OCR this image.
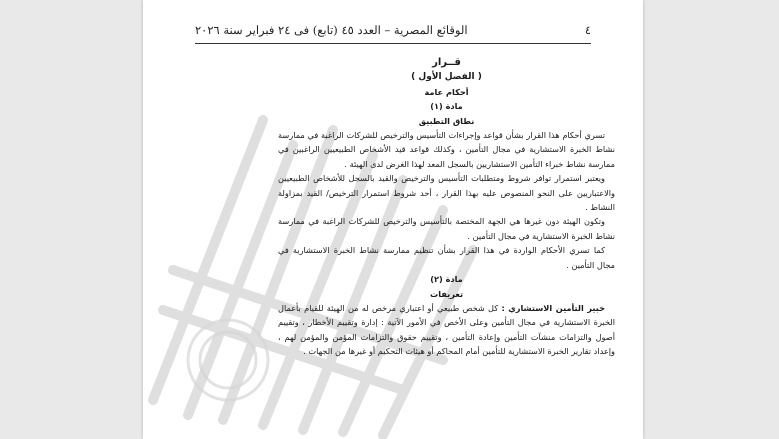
٤
الوقائع المصرية – العدد ٤٥ (تابع) فى ٢٤ فبراير سنة ٢٠٢٦
قــرار
( الفصل الأول )
أحكام عامة
مادة (١)
نطاق التطبيق

تسري أحكام هذا القرار بشأن قواعد وإجراءات التأسيس والترخيص للشركات الراغبة في ممارسة نشاط الخبرة الاستشارية في مجال التأمين ، وكذلك قواعد قيد الأشخاص الطبيعيين الراغبين في ممارسة نشاط خبراء التأمين الاستشاريين بالسجل المعد لهذا الغرض لدى الهيئة .

ويعتبر استمرار توافر شروط ومتطلبات التأسيس والترخيص والقيد بالسجل للأشخاص الطبيعيين والاعتباريين على النحو المنصوص عليه بهذا القرار ، أحد شروط استمرار الترخيص/ القيد بمزاولة النشاط .

وتكون الهيئة دون غيرها هي الجهة المختصة بالتأسيس والترخيص للشركات الراغبة في ممارسة نشاط الخبرة الاستشارية في مجال التأمين .

كما تسري الأحكام الواردة في هذا القرار بشأن تنظيم ممارسة نشاط الخبرة الاستشارية في مجال التأمين .

مادة (٢)
تعريفات

خبير التأمين الاستشاري : كل شخص طبيعي أو اعتباري مرخص له من الهيئة للقيام بأعمال الخبرة الاستشارية في مجال التأمين وعلى الأخص في الأمور الآتية : إدارة وتقييم الأخطار ، وتقييم أصول والتزامات منشآت التأمين وإعادة التأمين ، وتقييم حقوق والتزامات المؤمن والمؤمن لهم ، وإعداد تقارير الخبرة الاستشارية للتأمين أمام المحاكم أو هيئات التحكيم أو غيرها من الجهات .
